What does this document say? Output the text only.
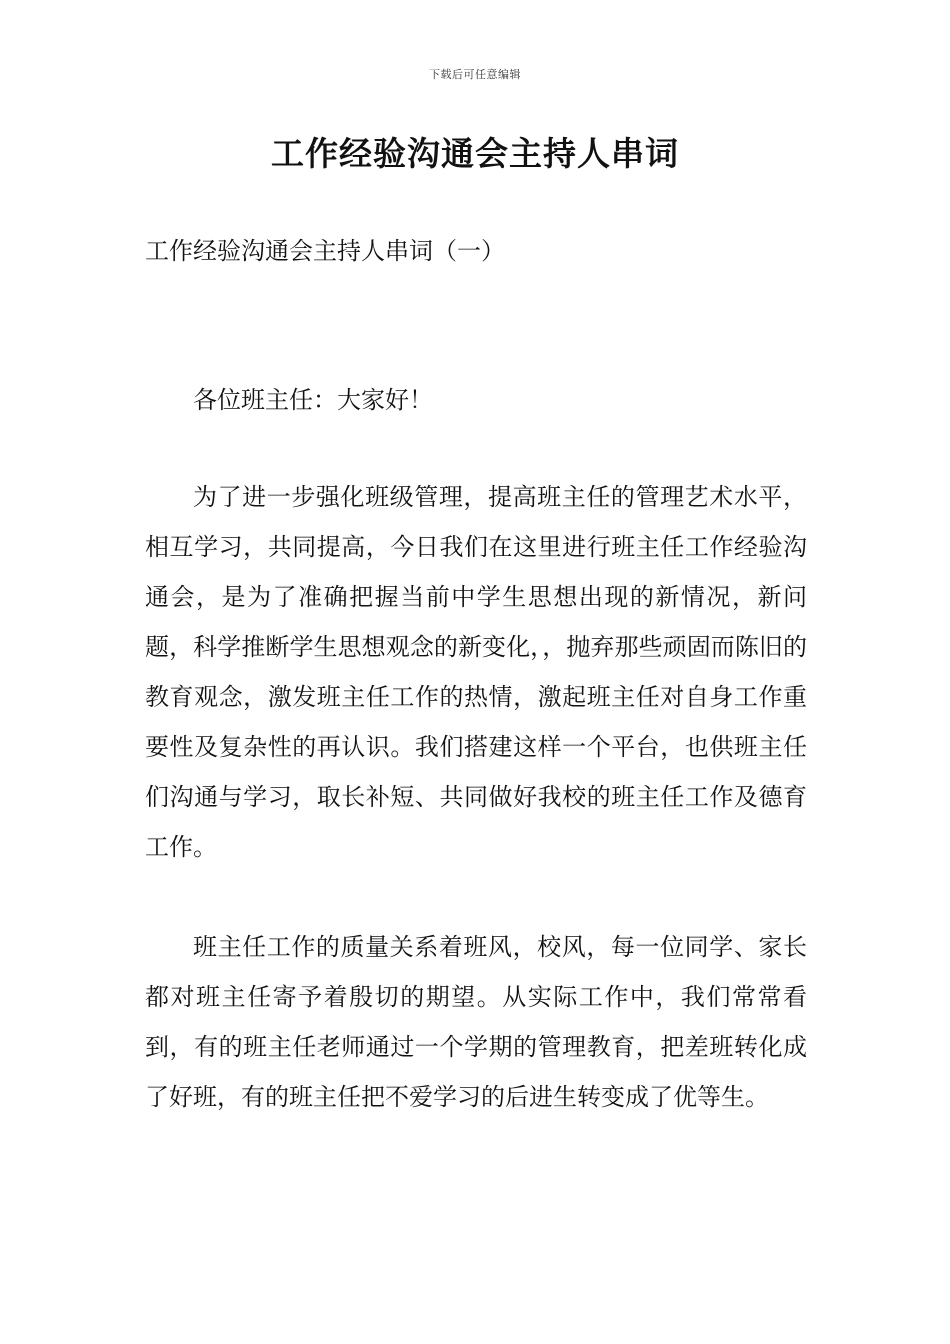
下载后可任意编辑
工作经验沟通会主持人串词
工作经验沟通会主持人串词（一）
各位班主任：大家好！
为了进一步强化班级管理，提高班主任的管理艺术水平，相互学习，共同提高，今日我们在这里进行班主任工作经验沟通会，是为了准确把握当前中学生思想出现的新情况，新问题，科学推断学生思想观念的新变化，，抛弃那些顽固而陈旧的教育观念，激发班主任工作的热情，激起班主任对自身工作重要性及复杂性的再认识。我们搭建这样一个平台，也供班主任们沟通与学习，取长补短、共同做好我校的班主任工作及德育工作。
班主任工作的质量关系着班风，校风，每一位同学、家长都对班主任寄予着殷切的期望。从实际工作中，我们常常看到，有的班主任老师通过一个学期的管理教育，把差班转化成了好班，有的班主任把不爱学习的后进生转变成了优等生。
